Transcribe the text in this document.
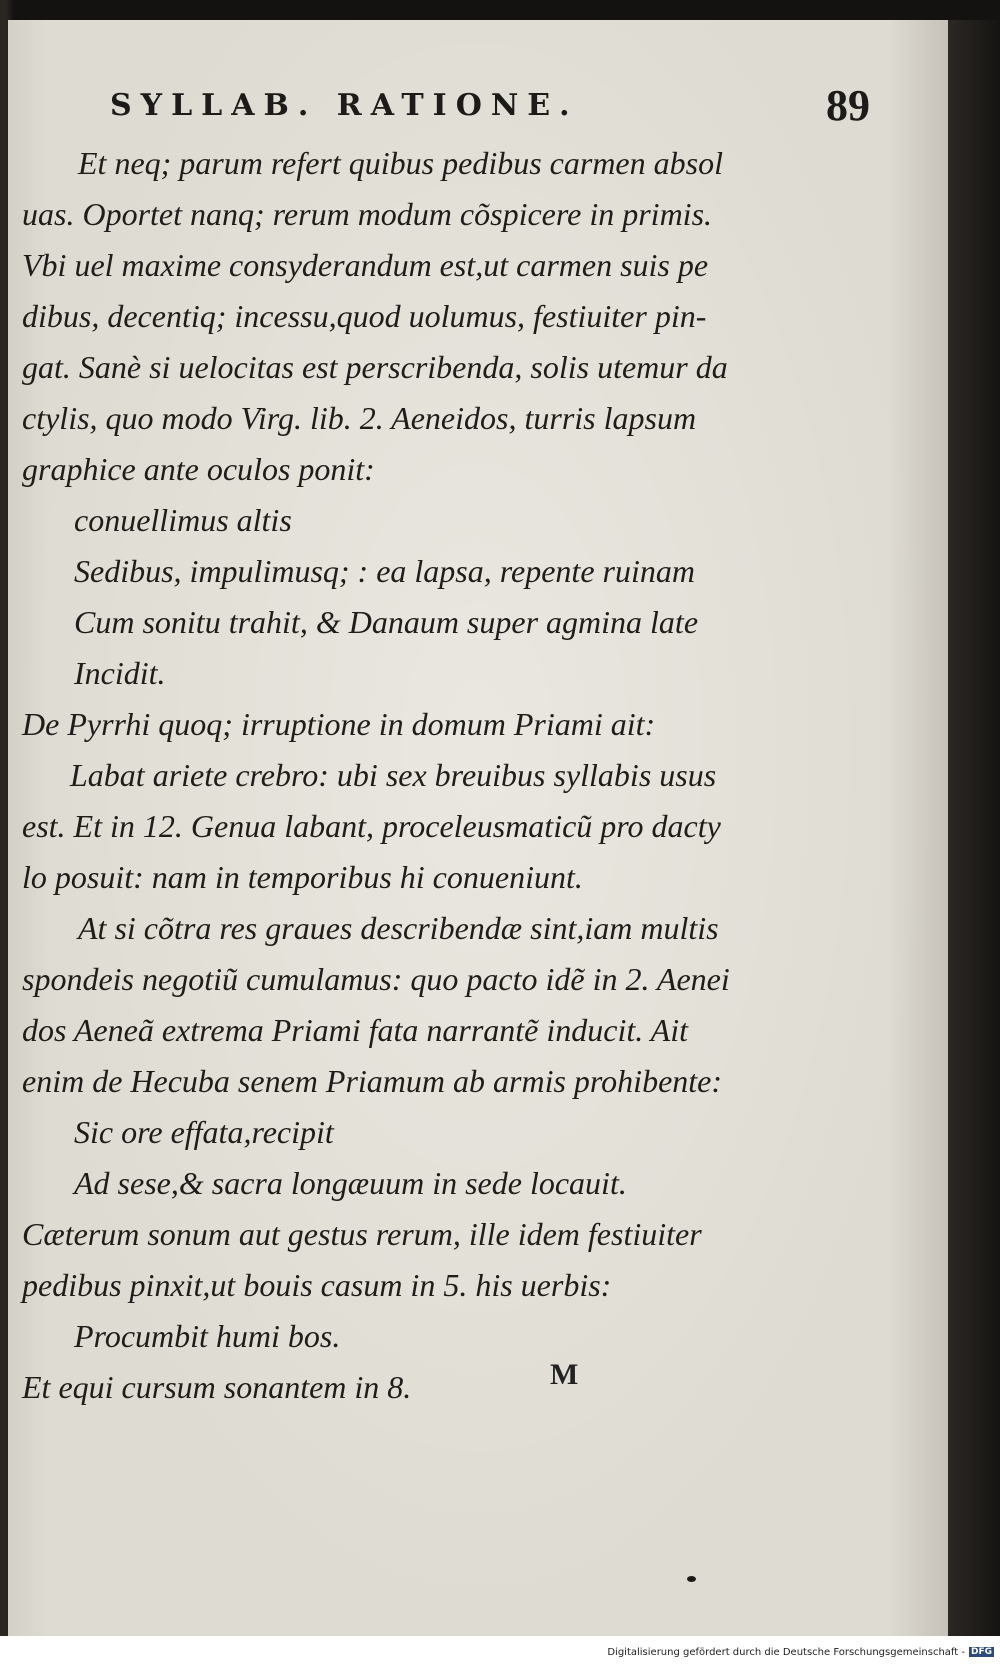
SYLLAB. RATIONE.	89
Et neq; parum refert quibus pedibus carmen absol
uas. Oportet nanq; rerum modum cõspicere in primis.
Vbi uel maxime consyderandum est,ut carmen suis pe
dibus, decentiq; incessu,quod uolumus, festiuiter pin-
gat. Sanè si uelocitas est perscribenda, solis utemur da
ctylis, quo modo Virg. lib. 2. Aeneidos, turris lapsum
graphice ante oculos ponit:
conuellimus altis
Sedibus, impulimusq; : ea lapsa, repente ruinam
Cum sonitu trahit, & Danaum super agmina late
Incidit.
De Pyrrhi quoq; irruptione in domum Priami ait:
Labat ariete crebro: ubi sex breuibus syllabis usus
est. Et in 12. Genua labant, proceleusmaticũ pro dacty
lo posuit: nam in temporibus hi conueniunt.
At si cõtra res graues describendæ sint,iam multis
spondeis negotiũ cumulamus: quo pacto idẽ in 2. Aenei
dos Aeneã extrema Priami fata narrantẽ inducit. Ait
enim de Hecuba senem Priamum ab armis prohibente:
Sic ore effata,recipit
Ad sese,& sacra longæuum in sede locauit.
Cæterum sonum aut gestus rerum, ille idem festiuiter
pedibus pinxit,ut bouis casum in 5. his uerbis:
Procumbit humi bos.
Et equi cursum sonantem in 8.	M
Digitalisierung gefördert durch die Deutsche Forschungsgemeinschaft - DFG
